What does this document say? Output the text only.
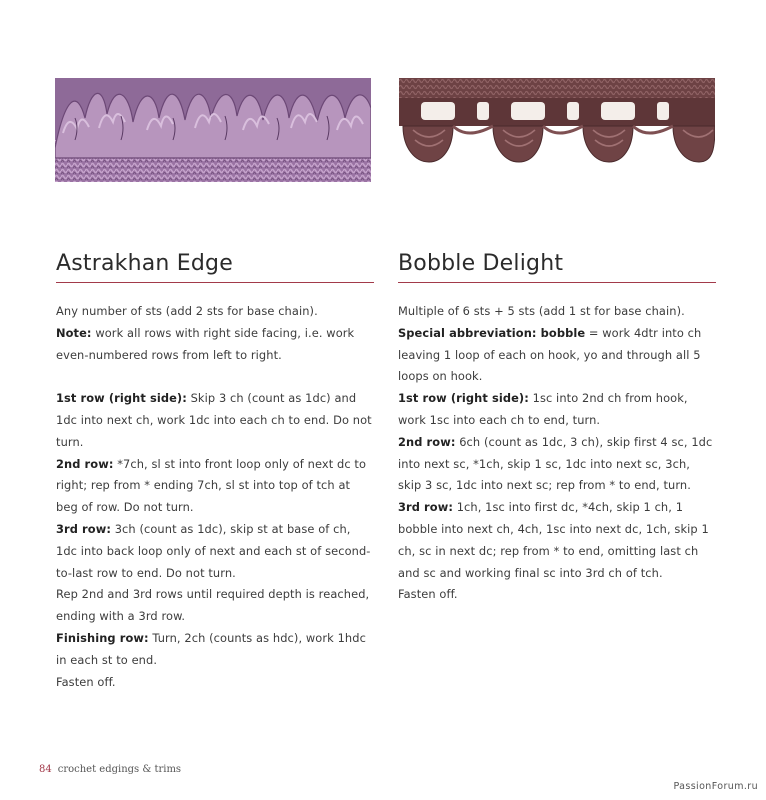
Astrakhan Edge

Any number of sts (add 2 sts for base chain).

Note: work all rows with right side facing, i.e. work even-numbered rows from left to right.

1st row (right side): Skip 3 ch (count as 1dc) and 1dc into next ch, work 1dc into each ch to end. Do not turn.

2nd row: *7ch, sl st into front loop only of next dc to right; rep from * ending 7ch, sl st into top of tch at beg of row. Do not turn.

3rd row: 3ch (count as 1dc), skip st at base of ch, 1dc into back loop only of next and each st of second-to-last row to end. Do not turn.

Rep 2nd and 3rd rows until required depth is reached, ending with a 3rd row.

Finishing row: Turn, 2ch (counts as hdc), work 1hdc in each st to end.

Fasten off.

Bobble Delight

Multiple of 6 sts + 5 sts (add 1 st for base chain).

Special abbreviation: bobble = work 4dtr into ch leaving 1 loop of each on hook, yo and through all 5 loops on hook.

1st row (right side): 1sc into 2nd ch from hook, work 1sc into each ch to end, turn.

2nd row: 6ch (count as 1dc, 3 ch), skip first 4 sc, 1dc into next sc, *1ch, skip 1 sc, 1dc into next sc, 3ch, skip 3 sc, 1dc into next sc; rep from * to end, turn.

3rd row: 1ch, 1sc into first dc, *4ch, skip 1 ch, 1 bobble into next ch, 4ch, 1sc into next dc, 1ch, skip 1 ch, sc in next dc; rep from * to end, omitting last ch and sc and working final sc into 3rd ch of tch.

Fasten off.

84 crochet edgings & trims
PassionForum.ru
